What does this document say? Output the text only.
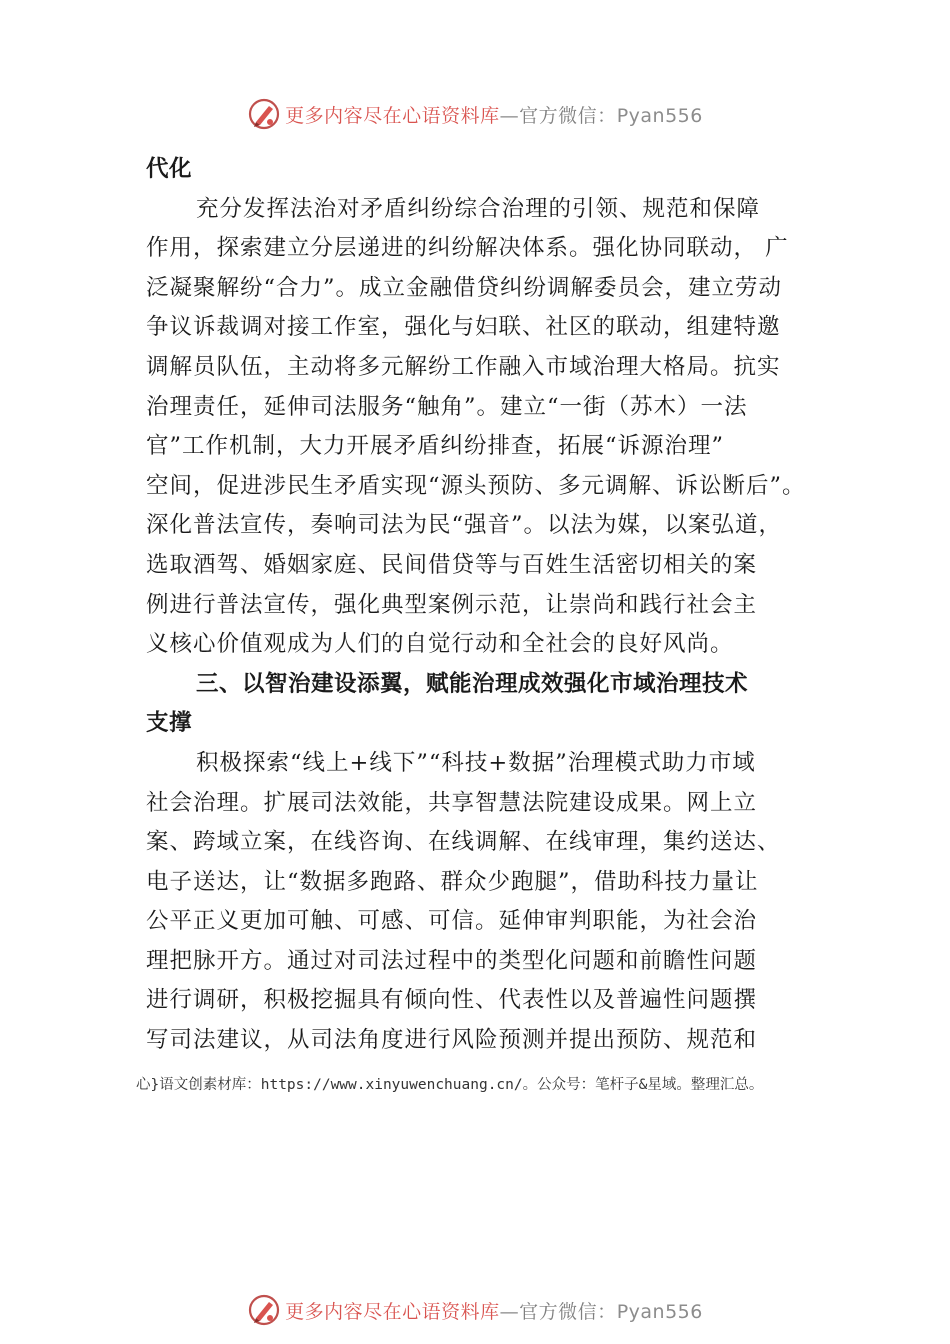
更多内容尽在心语资料库—官方微信：Pyan556
代化
充分发挥法治对矛盾纠纷综合治理的引领、规范和保障
作用，探索建立分层递进的纠纷解决体系。强化协同联动， 广
泛凝聚解纷“合力”。成立金融借贷纠纷调解委员会，建立劳动
争议诉裁调对接工作室，强化与妇联、社区的联动，组建特邀
调解员队伍，主动将多元解纷工作融入市域治理大格局。抗实
治理责任，延伸司法服务“触角”。建立“一街（苏木）一法
官”工作机制，大力开展矛盾纠纷排查，拓展“诉源治理”
空间，促进涉民生矛盾实现“源头预防、多元调解、诉讼断后”。
深化普法宣传，奏响司法为民“强音”。以法为媒，以案弘道，
选取酒驾、婚姻家庭、民间借贷等与百姓生活密切相关的案
例进行普法宣传，强化典型案例示范，让崇尚和践行社会主
义核心价值观成为人们的自觉行动和全社会的良好风尚。
三、以智治建设添翼，赋能治理成效强化市域治理技术
支撑
积极探索“线上+线下”“科技+数据”治理模式助力市域
社会治理。扩展司法效能，共享智慧法院建设成果。网上立
案、跨域立案，在线咨询、在线调解、在线审理，集约送达、
电子送达，让“数据多跑路、群众少跑腿”，借助科技力量让
公平正义更加可触、可感、可信。延伸审判职能，为社会治
理把脉开方。通过对司法过程中的类型化问题和前瞻性问题
进行调研，积极挖掘具有倾向性、代表性以及普遍性问题撰
写司法建议，从司法角度进行风险预测并提出预防、规范和
心}语文创素材库：https://www.xinyuwenchuang.cn/。公众号：笔杆子&星域。整理汇总。
更多内容尽在心语资料库—官方微信：Pyan556
